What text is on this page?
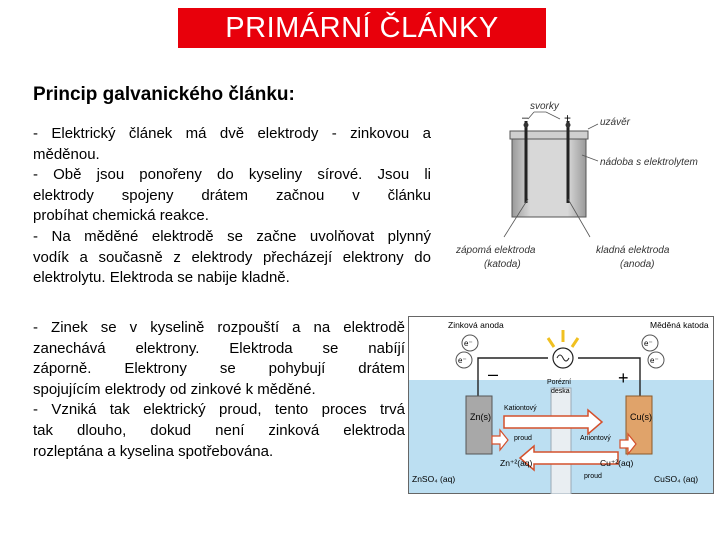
PRIMÁRNÍ ČLÁNKY
Princip galvanického článku:
- Elektrický článek má dvě elektrody - zinkovou a
měděnou.
- Obě jsou ponořeny do kyseliny sírové. Jsou li
elektrody spojeny drátem začnou v článku
probíhat chemická reakce.
- Na měděné elektrodě se začne uvolňovat plynný
vodík a současně z elektrody přecházejí elektrony do
elektrolytu. Elektroda se nabije kladně.
- Zinek se v kyselině rozpouští a na elektrodě
zanechává elektrony. Elektroda se nabíjí
záporně. Elektrony se pohybují drátem
spojujícím elektrody od zinkové k měděné.
- Vzniká tak elektrický proud, tento proces trvá
tak dlouho, dokud není zinková elektroda
rozleptána a kyselina spotřebována.
–	+
svorky
uzávěr
nádoba s elektrolytem
zápomá elektroda
(katoda)
kladná elektroda
(anoda)
e⁻
e⁻
e⁻
e⁻
–	+
Zinková anoda	Měděná katoda
Porézní
deska
Zn(s)	Cu(s)
Kationtový
proud	Aniontový
proud
Zn⁺²(aq)	Cu⁺²(aq)
ZnSO₄ (aq)	CuSO₄ (aq)
